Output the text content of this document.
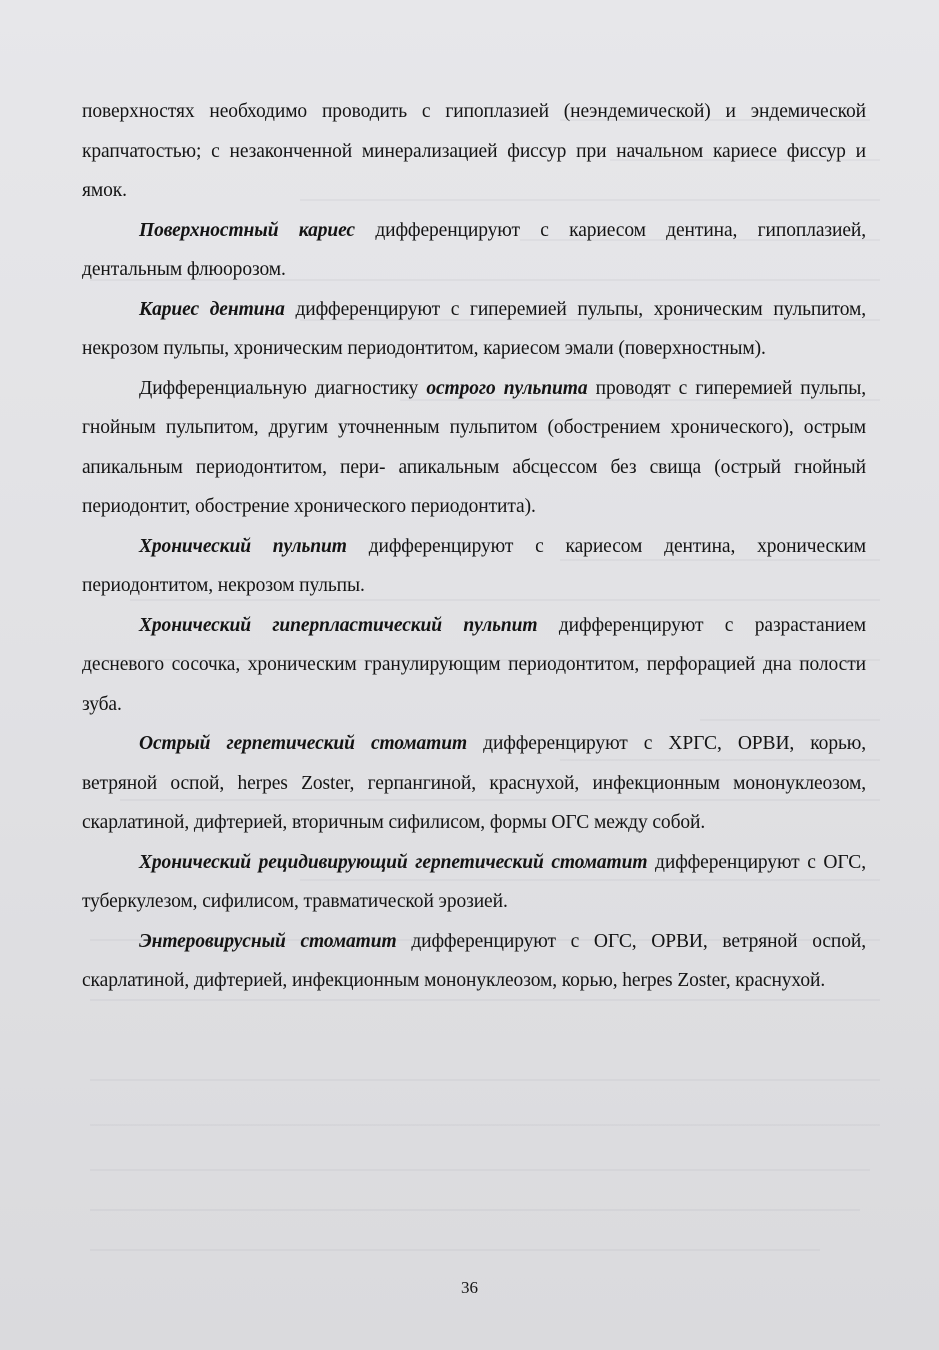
поверхностях необходимо проводить с гипоплазией (неэндемической) и эндемической крапчатостью; с незаконченной минерализацией фиссур при начальном кариесе фиссур и ямок.

Поверхностный кариес дифференцируют с кариесом дентина, гипоплазией, дентальным флюорозом.

Кариес дентина дифференцируют с гиперемией пульпы, хроническим пульпитом, некрозом пульпы, хроническим периодонтитом, кариесом эмали (поверхностным).

Дифференциальную диагностику острого пульпита проводят с гиперемией пульпы, гнойным пульпитом, другим уточненным пульпитом (обострением хронического), острым апикальным периодонтитом, пери- апикальным абсцессом без свища (острый гнойный периодонтит, обострение хронического периодонтита).

Хронический пульпит дифференцируют с кариесом дентина, хроническим периодонтитом, некрозом пульпы.

Хронический гиперпластический пульпит дифференцируют с разрастанием десневого сосочка, хроническим гранулирующим периодонтитом, перфорацией дна полости зуба.

Острый герпетический стоматит дифференцируют с ХРГС, ОРВИ, корью, ветряной оспой, herpes Zoster, герпангиной, краснухой, инфекционным мононуклеозом, скарлатиной, дифтерией, вторичным сифилисом, формы ОГС между собой.

Хронический рецидивирующий герпетический стоматит дифференцируют с ОГС, туберкулезом, сифилисом, травматической эрозией.

Энтеровирусный стоматит дифференцируют с ОГС, ОРВИ, ветряной оспой, скарлатиной, дифтерией, инфекционным мононуклеозом, корью, herpes Zoster, краснухой.

36
